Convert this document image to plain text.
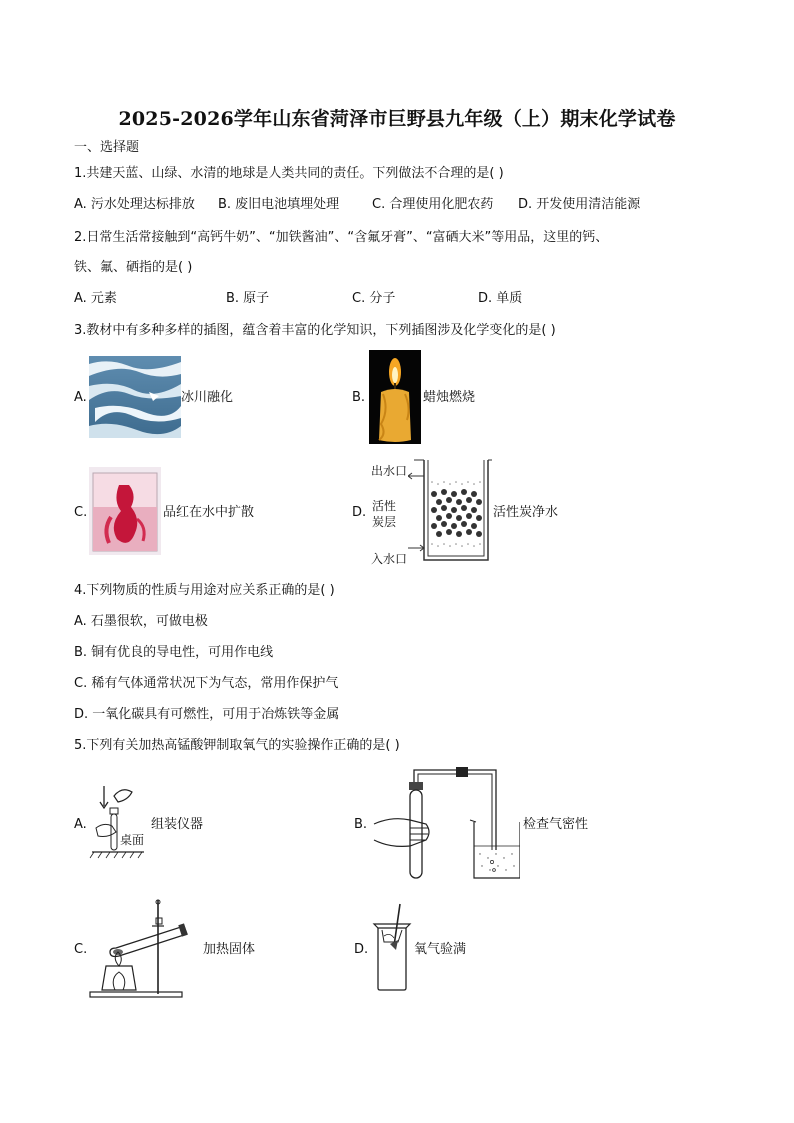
2025-2026学年山东省菏泽市巨野县九年级（上）期末化学试卷
一、选择题
1.共建天蓝、山绿、水清的地球是人类共同的责任。下列做法不合理的是( )
A. 污水处理达标排放 B. 废旧电池填埋处理	C. 合理使用化肥农药 D. 开发使用清洁能源
2.日常生活常接触到“高钙牛奶”、“加铁酱油”、“含氟牙膏”、“富硒大米”等用品，这里的钙、
铁、氟、硒指的是( )
A. 元素	B. 原子	C. 分子	D. 单质
3.教材中有多种多样的插图，蕴含着丰富的化学知识，下列插图涉及化学变化的是( )
A.	冰川融化	B.	蜡烛燃烧
C.	品红在水中扩散	D.
出水口
活性
炭层
入水口
活性炭净水
4.下列物质的性质与用途对应关系正确的是( )
A. 石墨很软，可做电极
B. 铜有优良的导电性，可用作电线
C. 稀有气体通常状况下为气态，常用作保护气
D. 一氧化碳具有可燃性，可用于冶炼铁等金属
5.下列有关加热高锰酸钾制取氧气的实验操作正确的是( )
A.
桌面
组装仪器	B.	检查气密性
C.	加热固体	D.	氧气验满
